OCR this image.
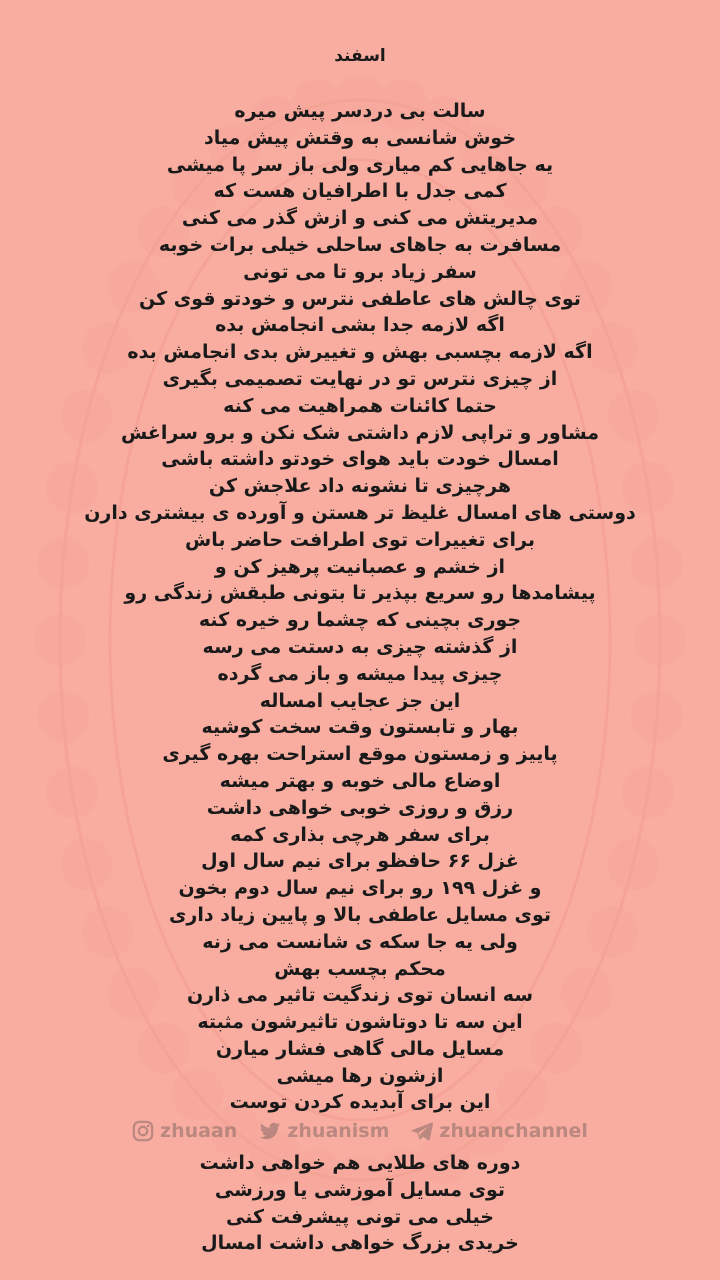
اسفند
سالت بی دردسر پیش میره
خوش شانسی به وقتش پیش میاد
یه جاهایی کم میاری ولی باز سر پا میشی
کمی جدل با اطرافیان هست که
مدیریتش می کنی و ازش گذر می کنی
مسافرت به جاهای ساحلی خیلی برات خوبه
سفر زیاد برو تا می تونی
توی چالش های عاطفی نترس و خودتو قوی کن
اگه لازمه جدا بشی انجامش بده
اگه لازمه بچسبی بهش و تغییرش بدی انجامش بده
از چیزی نترس تو در نهایت تصمیمی بگیری
حتما کائنات همراهیت می کنه
مشاور و تراپی لازم داشتی شک نکن و برو سراغش
امسال خودت باید هوای خودتو داشته باشی
هرچیزی تا نشونه داد علاجش کن
دوستی های امسال غلیظ تر هستن و آورده ی بیشتری دارن
برای تغییرات توی اطرافت حاضر باش
از خشم و عصبانیت پرهیز کن و
پیشامدها رو سریع بپذیر تا بتونی طبقش زندگی رو
جوری بچینی که چشما رو خیره کنه
از گذشته چیزی به دستت می رسه
چیزی پیدا میشه و باز می گرده
این جز عجایب امساله
بهار و تابستون وقت سخت کوشیه
پاییز و زمستون موقع استراحت بهره گیری
اوضاع مالی خوبه و بهتر میشه
رزق و روزی خوبی خواهی داشت
برای سفر هرچی بذاری کمه
غزل ۶۶ حافظو برای نیم سال اول
و غزل ۱۹۹ رو برای نیم سال دوم بخون
توی مسایل عاطفی بالا و پایین زیاد داری
ولی یه جا سکه ی شانست می زنه
محکم بچسب بهش
سه انسان توی زندگیت تاثیر می ذارن
این سه تا دوتاشون تاثیرشون مثبته
مسایل مالی گاهی فشار میارن
ازشون رها میشی
این برای آبدیده کردن توست
zhuaan	zhuanism	zhuanchannel
دوره های طلایی هم خواهی داشت
توی مسایل آموزشی یا ورزشی
خیلی می تونی پیشرفت کنی
خریدی بزرگ خواهی داشت امسال
